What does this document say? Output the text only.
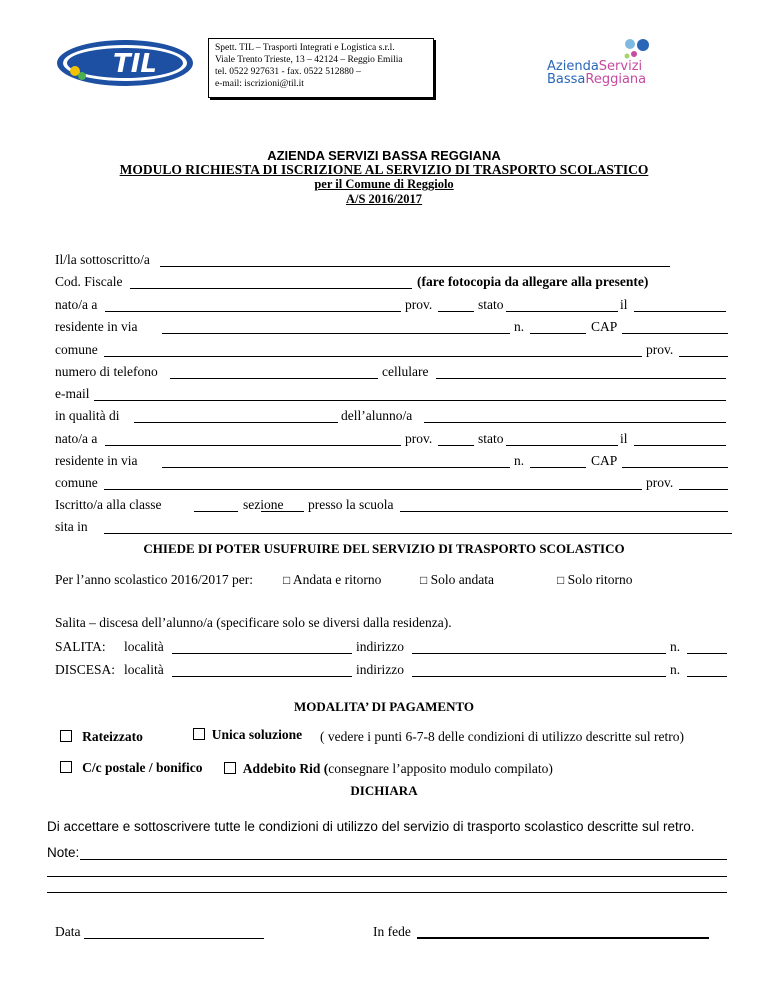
TIL
Spett. TIL – Trasporti Integrati e Logistica s.r.l.
Viale Trento Trieste, 13 – 42124 – Reggio Emilia
tel. 0522 927631 - fax. 0522 512880 –
e-mail: iscrizioni@til.it
AziendaServizi
BassaReggiana
AZIENDA SERVIZI BASSA REGGIANA
MODULO RICHIESTA DI ISCRIZIONE AL SERVIZIO DI TRASPORTO SCOLASTICO
per il Comune di Reggiolo
A/S 2016/2017
Il/la sottoscritto/a
Cod. Fiscale	(fare fotocopia da allegare alla presente)
nato/a a	prov.	stato	il
residente in via	n.	CAP
comune	prov.
numero di telefono	cellulare
e-mail
in qualità di	dell’alunno/a
nato/a a	prov.	stato	il
residente in via	n.	CAP
comune	prov.
Iscritto/a alla classe	sezione presso la scuola
sita in
CHIEDE DI POTER USUFRUIRE DEL SERVIZIO DI TRASPORTO SCOLASTICO
Per l’anno scolastico 2016/2017 per:	□ Andata e ritorno	□ Solo andata	□ Solo ritorno
Salita – discesa dell’alunno/a (specificare solo se diversi dalla residenza).
SALITA: località	indirizzo	n.
DISCESA: località	indirizzo	n.
MODALITA’ DI PAGAMENTO
Rateizzato	Unica soluzione ( vedere i punti 6-7-8 delle condizioni di utilizzo descritte sul retro)
C/c postale / bonifico	Addebito Rid (consegnare l’apposito modulo compilato)
DICHIARA
Di accettare e sottoscrivere tutte le condizioni di utilizzo del servizio di trasporto scolastico descritte sul retro.
Note:
Data	In fede
